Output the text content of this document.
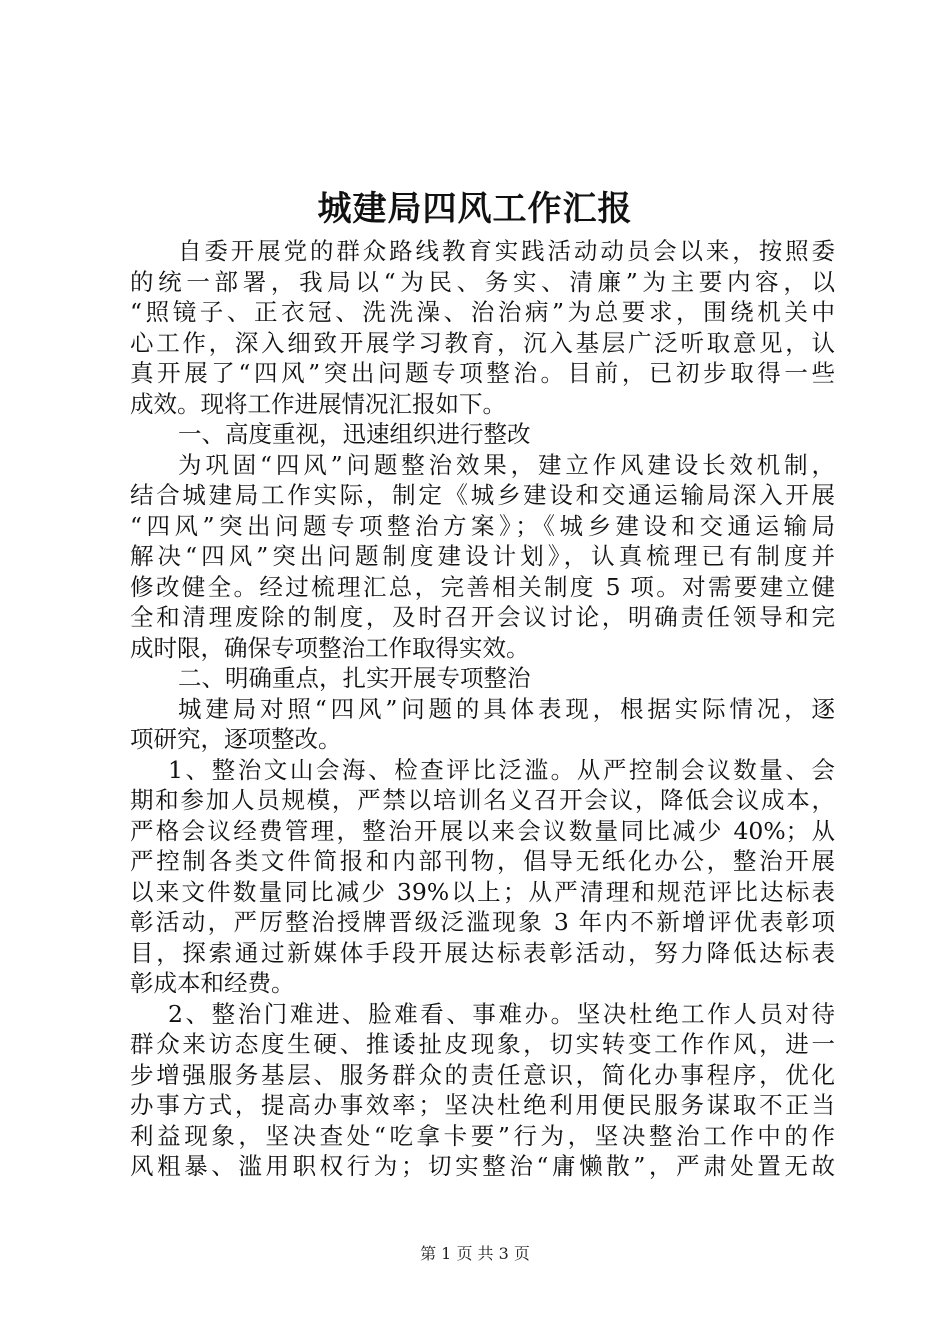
城建局四风工作汇报
自委开展党的群众路线教育实践活动动员会以来，按照委
的统一部署，我局以“为民、务实、清廉”为主要内容，以
“照镜子、正衣冠、洗洗澡、治治病”为总要求，围绕机关中
心工作，深入细致开展学习教育，沉入基层广泛听取意见，认
真开展了“四风”突出问题专项整治。目前，已初步取得一些
成效。现将工作进展情况汇报如下。
一、高度重视，迅速组织进行整改
为巩固“四风”问题整治效果，建立作风建设长效机制，
结合城建局工作实际，制定《城乡建设和交通运输局深入开展
“四风”突出问题专项整治方案》；《城乡建设和交通运输局
解决“四风”突出问题制度建设计划》，认真梳理已有制度并
修改健全。经过梳理汇总，完善相关制度 5 项。对需要建立健
全和清理废除的制度，及时召开会议讨论，明确责任领导和完
成时限，确保专项整治工作取得实效。
二、明确重点，扎实开展专项整治
城建局对照“四风”问题的具体表现，根据实际情况，逐
项研究，逐项整改。
1、整治文山会海、检查评比泛滥。从严控制会议数量、会
期和参加人员规模，严禁以培训名义召开会议，降低会议成本，
严格会议经费管理，整治开展以来会议数量同比减少 40%；从
严控制各类文件简报和内部刊物，倡导无纸化办公，整治开展
以来文件数量同比减少 39%以上；从严清理和规范评比达标表
彰活动，严厉整治授牌晋级泛滥现象 3 年内不新增评优表彰项
目，探索通过新媒体手段开展达标表彰活动，努力降低达标表
彰成本和经费。
2、整治门难进、脸难看、事难办。坚决杜绝工作人员对待
群众来访态度生硬、推诿扯皮现象，切实转变工作作风，进一
步增强服务基层、服务群众的责任意识，简化办事程序，优化
办事方式，提高办事效率；坚决杜绝利用便民服务谋取不正当
利益现象，坚决查处“吃拿卡要”行为，坚决整治工作中的作
风粗暴、滥用职权行为；切实整治“庸懒散”，严肃处置无故
第 1 页 共 3 页
